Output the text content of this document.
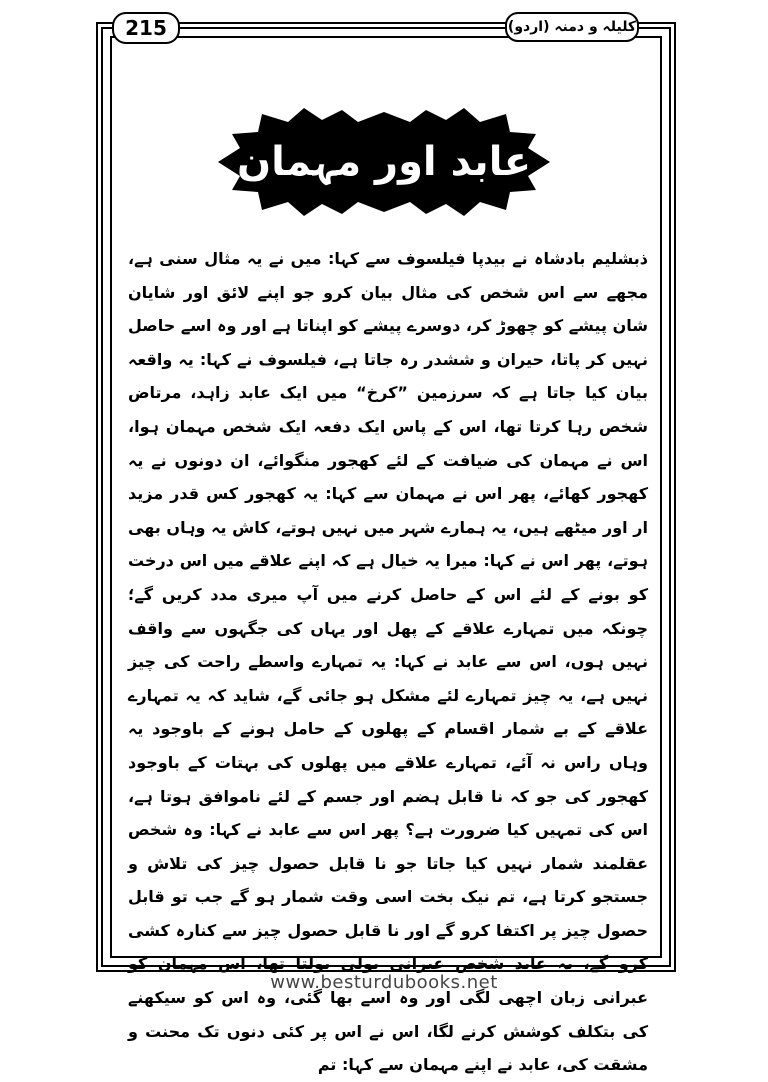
215	کلیلہ و دمنہ (اردو)
عابد اور مہمان
ذبشلیم بادشاہ نے بیدپا فیلسوف سے کہا: میں نے یہ مثال سنی ہے، مجھے سے اس شخص کی مثال بیان کرو جو اپنے لائق اور شایان شان پیشے کو چھوڑ کر، دوسرے پیشے کو اپناتا ہے اور وہ اسے حاصل نہیں کر پاتا، حیران و ششدر رہ جاتا ہے، فیلسوف نے کہا: یہ واقعہ بیان کیا جاتا ہے کہ سرزمین ”کرخ“ میں ایک عابد زاہد، مرتاض شخص رہا کرتا تھا، اس کے پاس ایک دفعہ ایک شخص مہمان ہوا، اس نے مہمان کی ضیافت کے لئے کھجور منگوائے، ان دونوں نے یہ کھجور کھائے، پھر اس نے مہمان سے کہا: یہ کھجور کس قدر مزید ار اور میٹھے ہیں، یہ ہمارے شہر میں نہیں ہوتے، کاش یہ وہاں بھی ہوتے، پھر اس نے کہا: میرا یہ خیال ہے کہ اپنے علاقے میں اس درخت کو بونے کے لئے اس کے حاصل کرنے میں آپ میری مدد کریں گے؛ چونکہ میں تمہارے علاقے کے پھل اور یہاں کی جگہوں سے واقف نہیں ہوں، اس سے عابد نے کہا: یہ تمہارے واسطے راحت کی چیز نہیں ہے، یہ چیز تمہارے لئے مشکل ہو جائی گے، شاید کہ یہ تمہارے علاقے کے بے شمار اقسام کے پھلوں کے حامل ہونے کے باوجود یہ وہاں راس نہ آئے، تمہارے علاقے میں پھلوں کی بہتات کے باوجود کھجور کی جو کہ نا قابل ہضم اور جسم کے لئے ناموافق ہوتا ہے، اس کی تمہیں کیا ضرورت ہے؟ پھر اس سے عابد نے کہا: وہ شخص عقلمند شمار نہیں کیا جاتا جو نا قابل حصول چیز کی تلاش و جستجو کرتا ہے، تم نیک بخت اسی وقت شمار ہو گے جب تو قابل حصول چیز پر اکتفا کرو گے اور نا قابل حصول چیز سے کنارہ کشی کرو گے، یہ عابد شخص عبرانی بولی بولتا تھا، اس مہمان کو عبرانی زبان اچھی لگی اور وہ اسے بھا گئی، وہ اس کو سیکھنے کی بتکلف کوشش کرنے لگا، اس نے اس پر کئی دنوں تک محنت و مشقت کی، عابد نے اپنے مہمان سے کہا: تم
www.besturdubooks.net
